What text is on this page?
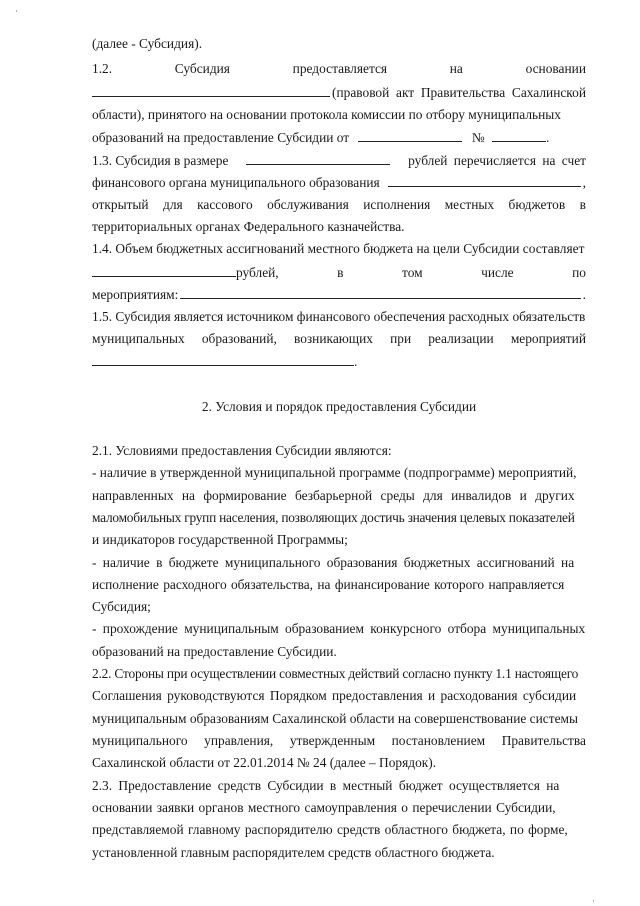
·
(далее - Субсидия).
1.2.	Субсидия	предоставляется	на	основании
(правовой акт Правительства Сахалинской
области), принятого на основании протокола комиссии по отбору муниципальных
образований на предоставление Субсидии от	№	.
1.3. Субсидия в размере	рублей перечисляется на счет
финансового органа муниципального образования	,
открытый для кассового обслуживания исполнения местных бюджетов в
территориальных органах Федерального казначейства.
1.4. Объем бюджетных ассигнований местного бюджета на цели Субсидии составляет
рублей,	в	том	числе	по
мероприятиям:	.
1.5. Субсидия является источником финансового обеспечения расходных обязательств
муниципальных образований, возникающих при реализации мероприятий
.
2. Условия и порядок предоставления Субсидии
2.1. Условиями предоставления Субсидии являются:
- наличие в утвержденной муниципальной программе (подпрограмме) мероприятий,
направленных на формирование безбарьерной среды для инвалидов и других
маломобильных групп населения, позволяющих достичь значения целевых показателей
и индикаторов государственной Программы;
- наличие в бюджете муниципального образования бюджетных ассигнований на
исполнение расходного обязательства, на финансирование которого направляется
Субсидия;
- прохождение муниципальным образованием конкурсного отбора муниципальных
образований на предоставление Субсидии.
2.2. Стороны при осуществлении совместных действий согласно пункту 1.1 настоящего
Соглашения руководствуются Порядком предоставления и расходования субсидии
муниципальным образованиям Сахалинской области на совершенствование системы
муниципального управления, утвержденным постановлением Правительства
Сахалинской области от 22.01.2014 № 24 (далее – Порядок).
2.3. Предоставление средств Субсидии в местный бюджет осуществляется на
основании заявки органов местного самоуправления о перечислении Субсидии,
представляемой главному распорядителю средств областного бюджета, по форме,
установленной главным распорядителем средств областного бюджета.
·
